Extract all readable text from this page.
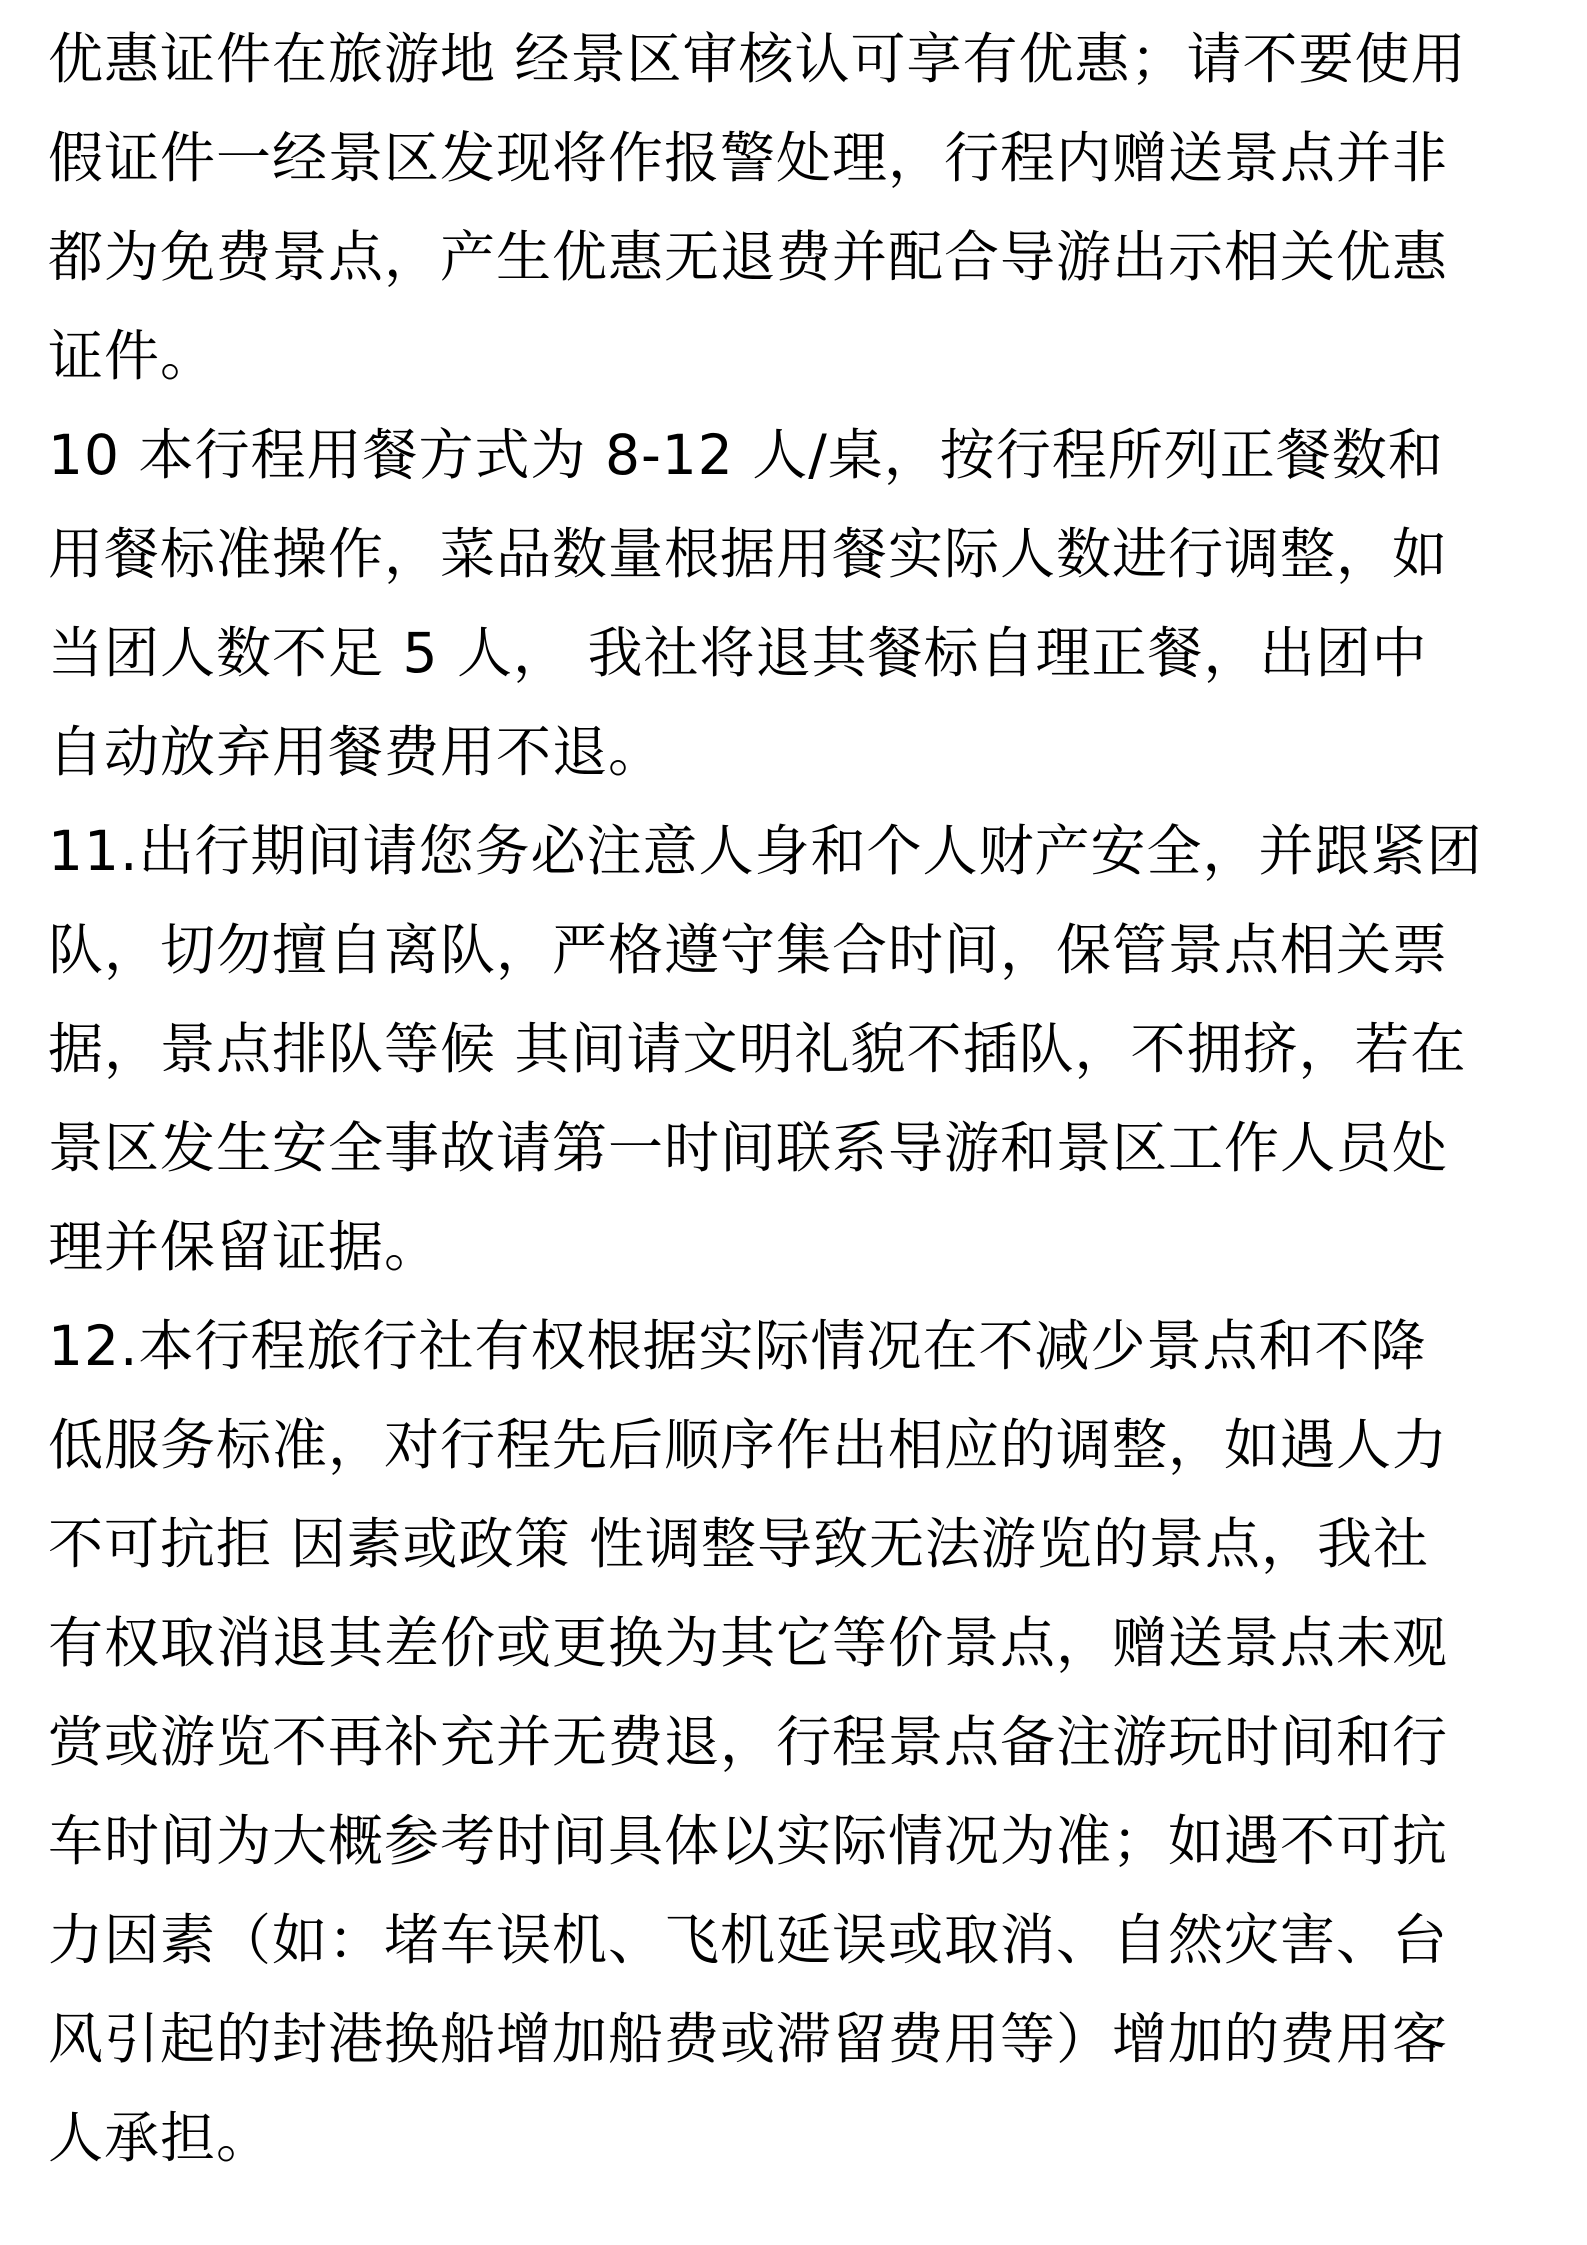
优惠证件在旅游地 经景区审核认可享有优惠；请不要使用
假证件一经景区发现将作报警处理，行程内赠送景点并非
都为免费景点，产生优惠无退费并配合导游出示相关优惠
证件。
10 本行程用餐方式为 8-12 人/桌，按行程所列正餐数和
用餐标准操作，菜品数量根据用餐实际人数进行调整，如
当团人数不足 5 人， 我社将退其餐标自理正餐，出团中
自动放弃用餐费用不退。
11.出行期间请您务必注意人身和个人财产安全，并跟紧团
队，切勿擅自离队，严格遵守集合时间，保管景点相关票
据，景点排队等候 其间请文明礼貌不插队，不拥挤，若在
景区发生安全事故请第一时间联系导游和景区工作人员处
理并保留证据。
12.本行程旅行社有权根据实际情况在不减少景点和不降
低服务标准，对行程先后顺序作出相应的调整，如遇人力
不可抗拒 因素或政策 性调整导致无法游览的景点，我社
有权取消退其差价或更换为其它等价景点，赠送景点未观
赏或游览不再补充并无费退，行程景点备注游玩时间和行
车时间为大概参考时间具体以实际情况为准；如遇不可抗
力因素（如：堵车误机、飞机延误或取消、自然灾害、台
风引起的封港换船增加船费或滞留费用等）增加的费用客
人承担。
